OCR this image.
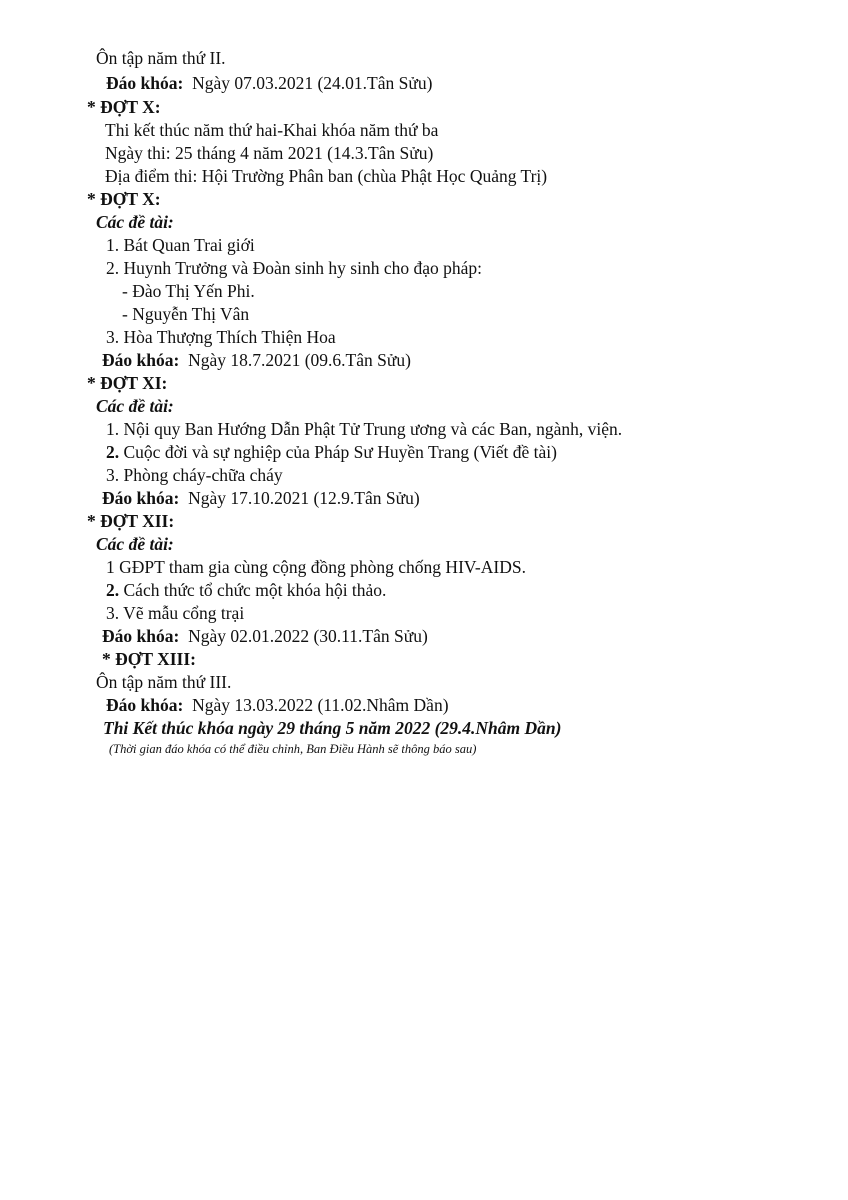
Ôn tập năm thứ II.
Đáo khóa: Ngày 07.03.2021 (24.01.Tân Sửu)
* ĐỢT X:
Thi kết thúc năm thứ hai-Khai khóa năm thứ ba
Ngày thi: 25 tháng 4 năm 2021 (14.3.Tân Sửu)
Địa điểm thi: Hội Trường Phân ban (chùa Phật Học Quảng Trị)
* ĐỢT X:
Các đề tài:
1. Bát Quan Trai giới
2. Huynh Trưởng và Đoàn sinh hy sinh cho đạo pháp:
- Đào Thị Yến Phi.
- Nguyễn Thị Vân
3. Hòa Thượng Thích Thiện Hoa
Đáo khóa: Ngày 18.7.2021 (09.6.Tân Sửu)
* ĐỢT XI:
Các đề tài:
1. Nội quy Ban Hướng Dẫn Phật Tử Trung ương và các Ban, ngành, viện.
2. Cuộc đời và sự nghiệp của Pháp Sư Huyền Trang (Viết đề tài)
3. Phòng cháy-chữa cháy
Đáo khóa: Ngày 17.10.2021 (12.9.Tân Sửu)
* ĐỢT XII:
Các đề tài:
1 GĐPT tham gia cùng cộng đồng phòng chống HIV-AIDS.
2. Cách thức tổ chức một khóa hội thảo.
3. Vẽ mẫu cổng trại
Đáo khóa: Ngày 02.01.2022 (30.11.Tân Sửu)
* ĐỢT XIII:
Ôn tập năm thứ III.
Đáo khóa: Ngày 13.03.2022 (11.02.Nhâm Dần)
Thi Kết thúc khóa ngày 29 tháng 5 năm 2022 (29.4.Nhâm Dần)
(Thời gian đáo khóa có thể điều chỉnh, Ban Điều Hành sẽ thông báo sau)
